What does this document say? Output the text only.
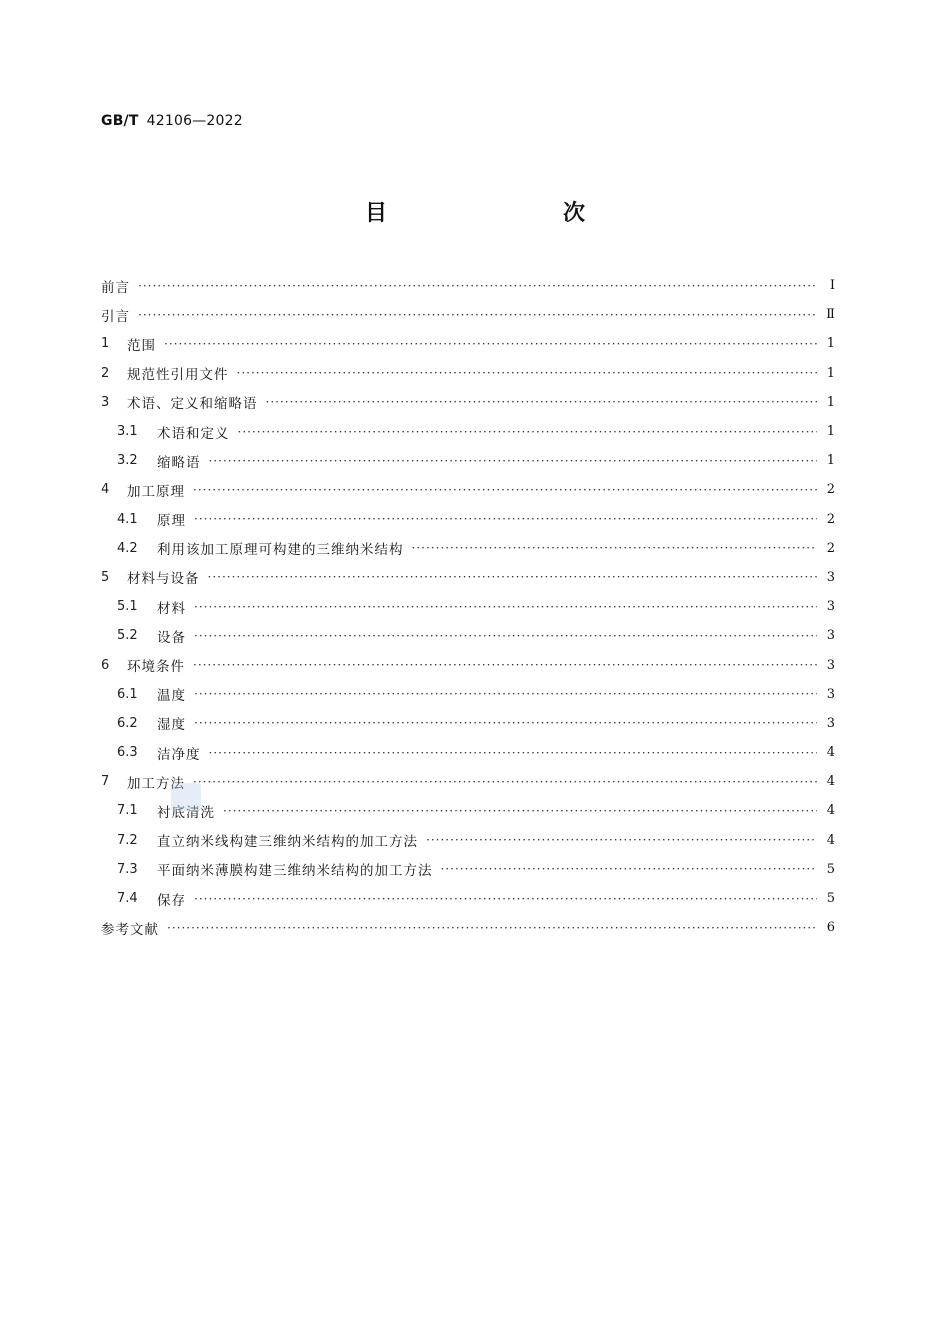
GB/T 42106—2022
目　　次
前言 ·····	Ⅰ
引言 ·····	Ⅱ
1	范围 ·····	1
2	规范性引用文件 ·····	1
3	术语、定义和缩略语 ·····	1
3.1	术语和定义 ·····	1
3.2	缩略语 ·····	1
4	加工原理 ·····	2
4.1	原理 ·····	2
4.2	利用该加工原理可构建的三维纳米结构 ·····	2
5	材料与设备 ·····	3
5.1	材料 ·····	3
5.2	设备 ·····	3
6	环境条件 ·····	3
6.1	温度 ·····	3
6.2	湿度 ·····	3
6.3	洁净度 ·····	4
7	加工方法 ·····	4
7.1	衬底清洗 ·····	4
7.2	直立纳米线构建三维纳米结构的加工方法 ·····	4
7.3	平面纳米薄膜构建三维纳米结构的加工方法 ·····	5
7.4	保存 ·····	5
参考文献 ·····	6
